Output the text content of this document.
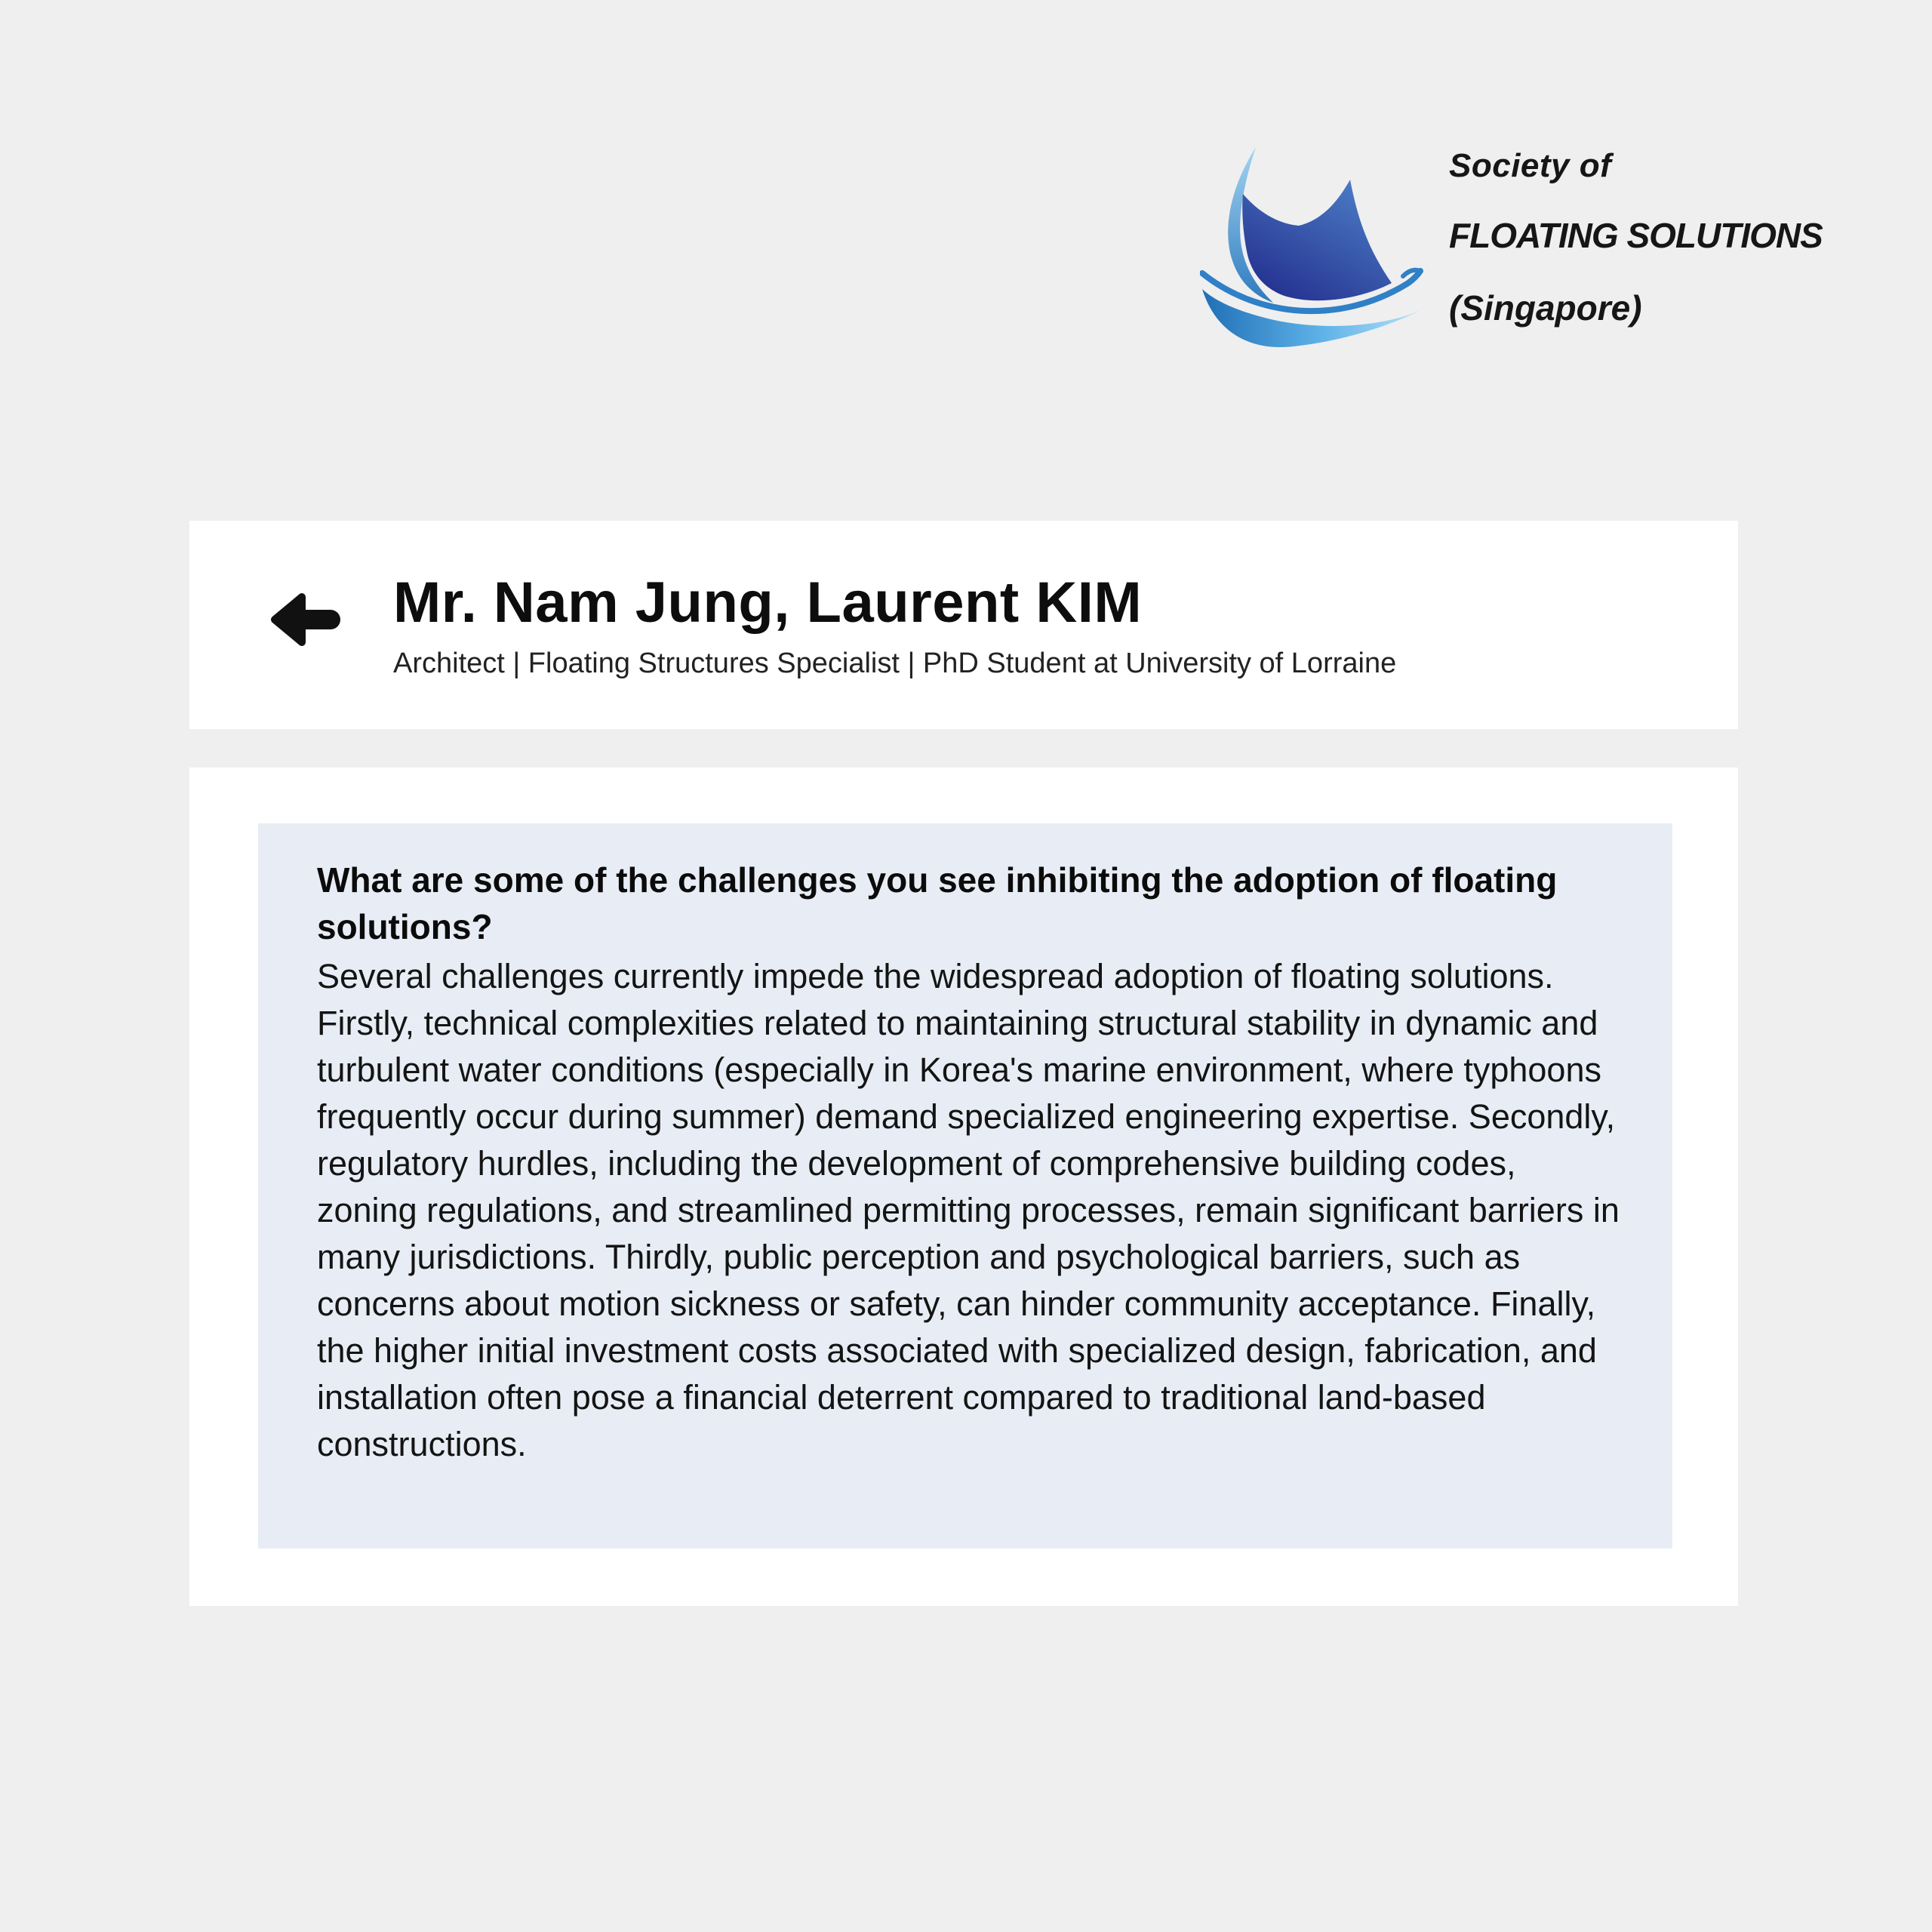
Society of
FLOATING SOLUTIONS
(Singapore)
Mr. Nam Jung, Laurent KIM
Architect | Floating Structures Specialist | PhD Student at University of Lorraine

What are some of the challenges you see inhibiting the adoption of floating solutions?

Several challenges currently impede the widespread adoption of floating solutions. Firstly, technical complexities related to maintaining structural stability in dynamic and turbulent water conditions (especially in Korea's marine environment, where typhoons frequently occur during summer) demand specialized engineering expertise. Secondly, regulatory hurdles, including the development of comprehensive building codes, zoning regulations, and streamlined permitting processes, remain significant barriers in many jurisdictions. Thirdly, public perception and psychological barriers, such as concerns about motion sickness or safety, can hinder community acceptance. Finally, the higher initial investment costs associated with specialized design, fabrication, and installation often pose a financial deterrent compared to traditional land-based constructions.
